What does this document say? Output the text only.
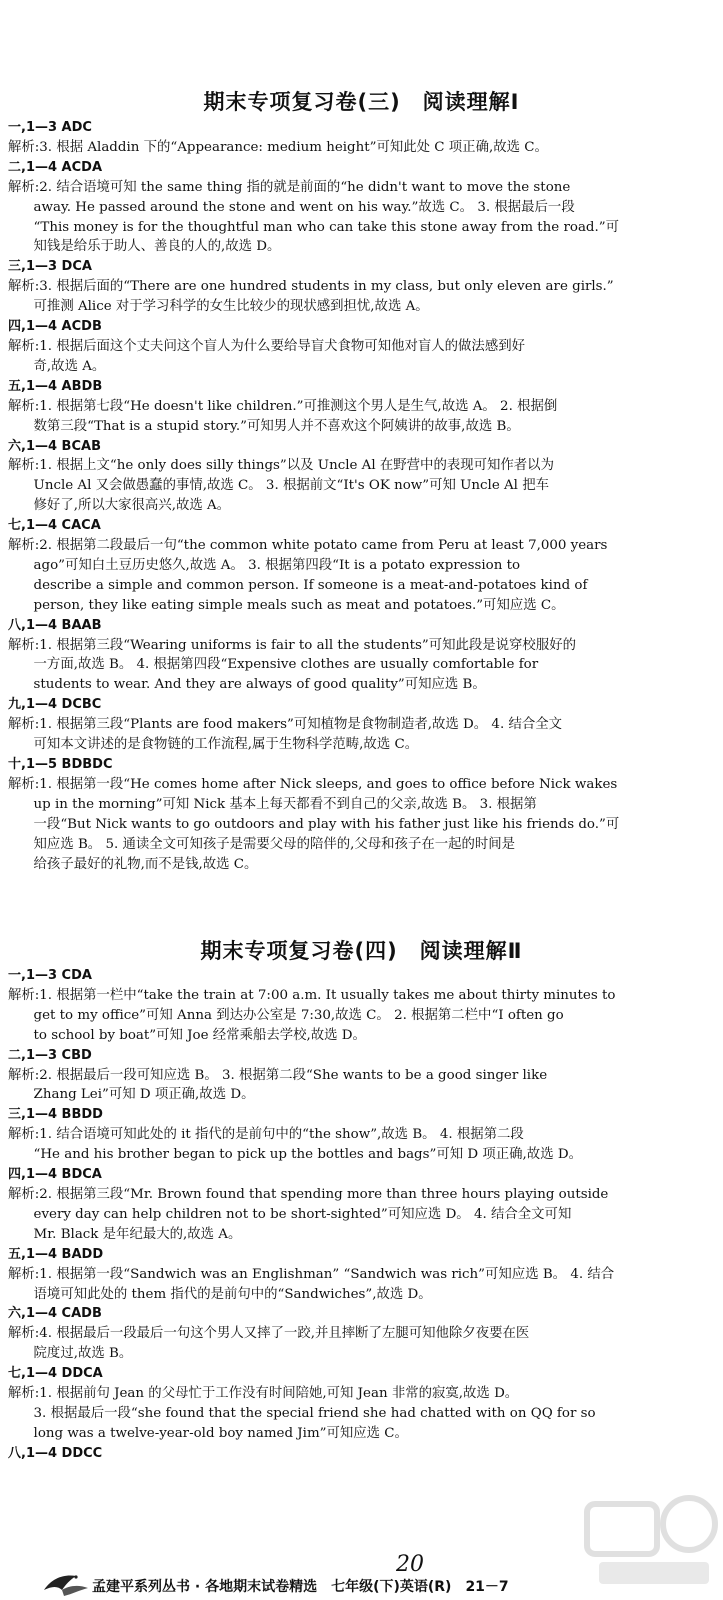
期末专项复习卷(三)　阅读理解Ⅰ
一,1—3 ADC
解析:3. 根据 Aladdin 下的“Appearance: medium height”可知此处 C 项正确,故选 C。
二,1—4 ACDA
解析:2. 结合语境可知 the same thing 指的就是前面的“he didn't want to move the stone
away. He passed around the stone and went on his way.”故选 C。 3. 根据最后一段
“This money is for the thoughtful man who can take this stone away from the road.”可
知钱是给乐于助人、善良的人的,故选 D。
三,1—3 DCA
解析:3. 根据后面的“There are one hundred students in my class, but only eleven are girls.”
可推测 Alice 对于学习科学的女生比较少的现状感到担忧,故选 A。
四,1—4 ACDB
解析:1. 根据后面这个丈夫问这个盲人为什么要给导盲犬食物可知他对盲人的做法感到好
奇,故选 A。
五,1—4 ABDB
解析:1. 根据第七段“He doesn't like children.”可推测这个男人是生气,故选 A。 2. 根据倒
数第三段“That is a stupid story.”可知男人并不喜欢这个阿姨讲的故事,故选 B。
六,1—4 BCAB
解析:1. 根据上文“he only does silly things”以及 Uncle Al 在野营中的表现可知作者以为
Uncle Al 又会做愚蠢的事情,故选 C。 3. 根据前文“It's OK now”可知 Uncle Al 把车
修好了,所以大家很高兴,故选 A。
七,1—4 CACA
解析:2. 根据第二段最后一句“the common white potato came from Peru at least 7,000 years
ago”可知白土豆历史悠久,故选 A。 3. 根据第四段“It is a potato expression to
describe a simple and common person. If someone is a meat-and-potatoes kind of
person, they like eating simple meals such as meat and potatoes.”可知应选 C。
八,1—4 BAAB
解析:1. 根据第三段“Wearing uniforms is fair to all the students”可知此段是说穿校服好的
一方面,故选 B。 4. 根据第四段“Expensive clothes are usually comfortable for
students to wear. And they are always of good quality”可知应选 B。
九,1—4 DCBC
解析:1. 根据第三段“Plants are food makers”可知植物是食物制造者,故选 D。 4. 结合全文
可知本文讲述的是食物链的工作流程,属于生物科学范畴,故选 C。
十,1—5 BDBDC
解析:1. 根据第一段“He comes home after Nick sleeps, and goes to office before Nick wakes
up in the morning”可知 Nick 基本上每天都看不到自己的父亲,故选 B。 3. 根据第
一段“But Nick wants to go outdoors and play with his father just like his friends do.”可
知应选 B。 5. 通读全文可知孩子是需要父母的陪伴的,父母和孩子在一起的时间是
给孩子最好的礼物,而不是钱,故选 C。
期末专项复习卷(四)　阅读理解Ⅱ
一,1—3 CDA
解析:1. 根据第一栏中“take the train at 7:00 a.m. It usually takes me about thirty minutes to
get to my office”可知 Anna 到达办公室是 7:30,故选 C。 2. 根据第二栏中“I often go
to school by boat”可知 Joe 经常乘船去学校,故选 D。
二,1—3 CBD
解析:2. 根据最后一段可知应选 B。 3. 根据第二段“She wants to be a good singer like
Zhang Lei”可知 D 项正确,故选 D。
三,1—4 BBDD
解析:1. 结合语境可知此处的 it 指代的是前句中的“the show”,故选 B。 4. 根据第二段
“He and his brother began to pick up the bottles and bags”可知 D 项正确,故选 D。
四,1—4 BDCA
解析:2. 根据第三段“Mr. Brown found that spending more than three hours playing outside
every day can help children not to be short-sighted”可知应选 D。 4. 结合全文可知
Mr. Black 是年纪最大的,故选 A。
五,1—4 BADD
解析:1. 根据第一段“Sandwich was an Englishman” “Sandwich was rich”可知应选 B。 4. 结合
语境可知此处的 them 指代的是前句中的“Sandwiches”,故选 D。
六,1—4 CADB
解析:4. 根据最后一段最后一句这个男人又摔了一跤,并且摔断了左腿可知他除夕夜要在医
院度过,故选 B。
七,1—4 DDCA
解析:1. 根据前句 Jean 的父母忙于工作没有时间陪她,可知 Jean 非常的寂寞,故选 D。
3. 根据最后一段“she found that the special friend she had chatted with on QQ for so
long was a twelve-year-old boy named Jim”可知应选 C。
八,1—4 DDCC
孟建平系列丛书 · 各地期末试卷精选　七年级(下)英语(R)　21－7
20
